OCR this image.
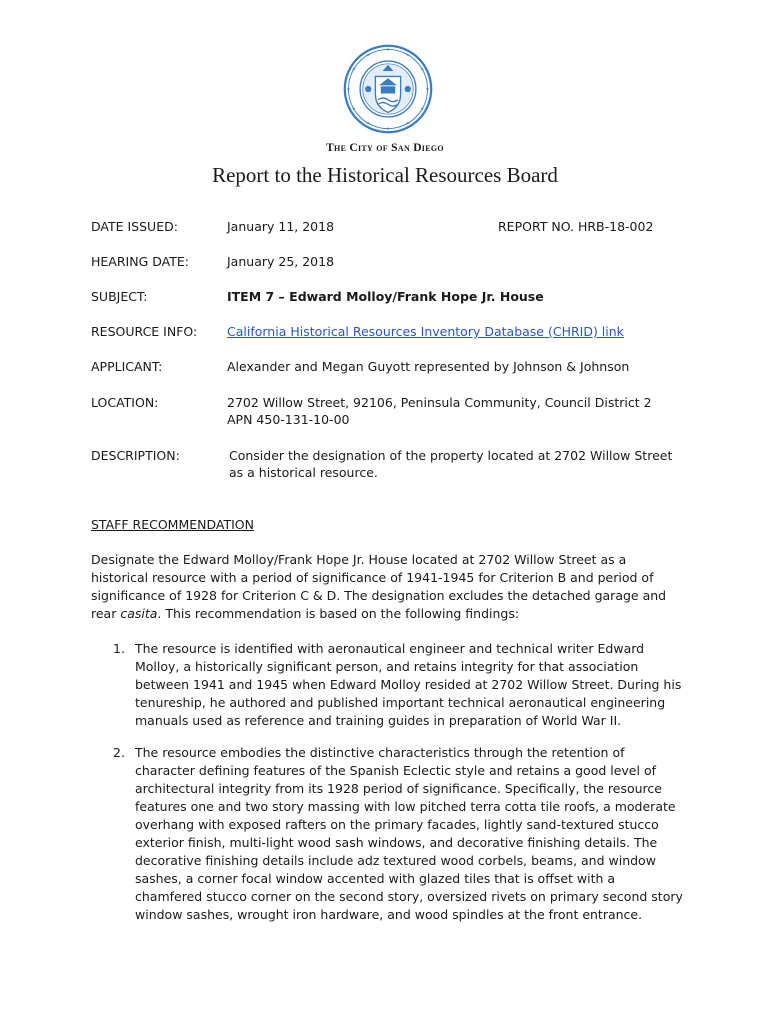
The City of San Diego
Report to the Historical Resources Board
DATE ISSUED:	January 11, 2018	REPORT NO. HRB-18-002
HEARING DATE:	January 25, 2018
SUBJECT:	ITEM 7 – Edward Molloy/Frank Hope Jr. House
RESOURCE INFO: California Historical Resources Inventory Database (CHRID) link
APPLICANT:	Alexander and Megan Guyott represented by Johnson & Johnson
LOCATION:	2702 Willow Street, 92106, Peninsula Community, Council District 2
APN 450-131-10-00
DESCRIPTION:	Consider the designation of the property located at 2702 Willow Street as a historical resource.
STAFF RECOMMENDATION
Designate the Edward Molloy/Frank Hope Jr. House located at 2702 Willow Street as a historical resource with a period of significance of 1941-1945 for Criterion B and period of significance of 1928 for Criterion C & D. The designation excludes the detached garage and rear casita. This recommendation is based on the following findings:
1. The resource is identified with aeronautical engineer and technical writer Edward Molloy, a historically significant person, and retains integrity for that association between 1941 and 1945 when Edward Molloy resided at 2702 Willow Street. During his tenureship, he authored and published important technical aeronautical engineering manuals used as reference and training guides in preparation of World War II.
2. The resource embodies the distinctive characteristics through the retention of character defining features of the Spanish Eclectic style and retains a good level of architectural integrity from its 1928 period of significance. Specifically, the resource features one and two story massing with low pitched terra cotta tile roofs, a moderate overhang with exposed rafters on the primary facades, lightly sand-textured stucco exterior finish, multi-light wood sash windows, and decorative finishing details. The decorative finishing details include adz textured wood corbels, beams, and window sashes, a corner focal window accented with glazed tiles that is offset with a chamfered stucco corner on the second story, oversized rivets on primary second story window sashes, wrought iron hardware, and wood spindles at the front entrance.
